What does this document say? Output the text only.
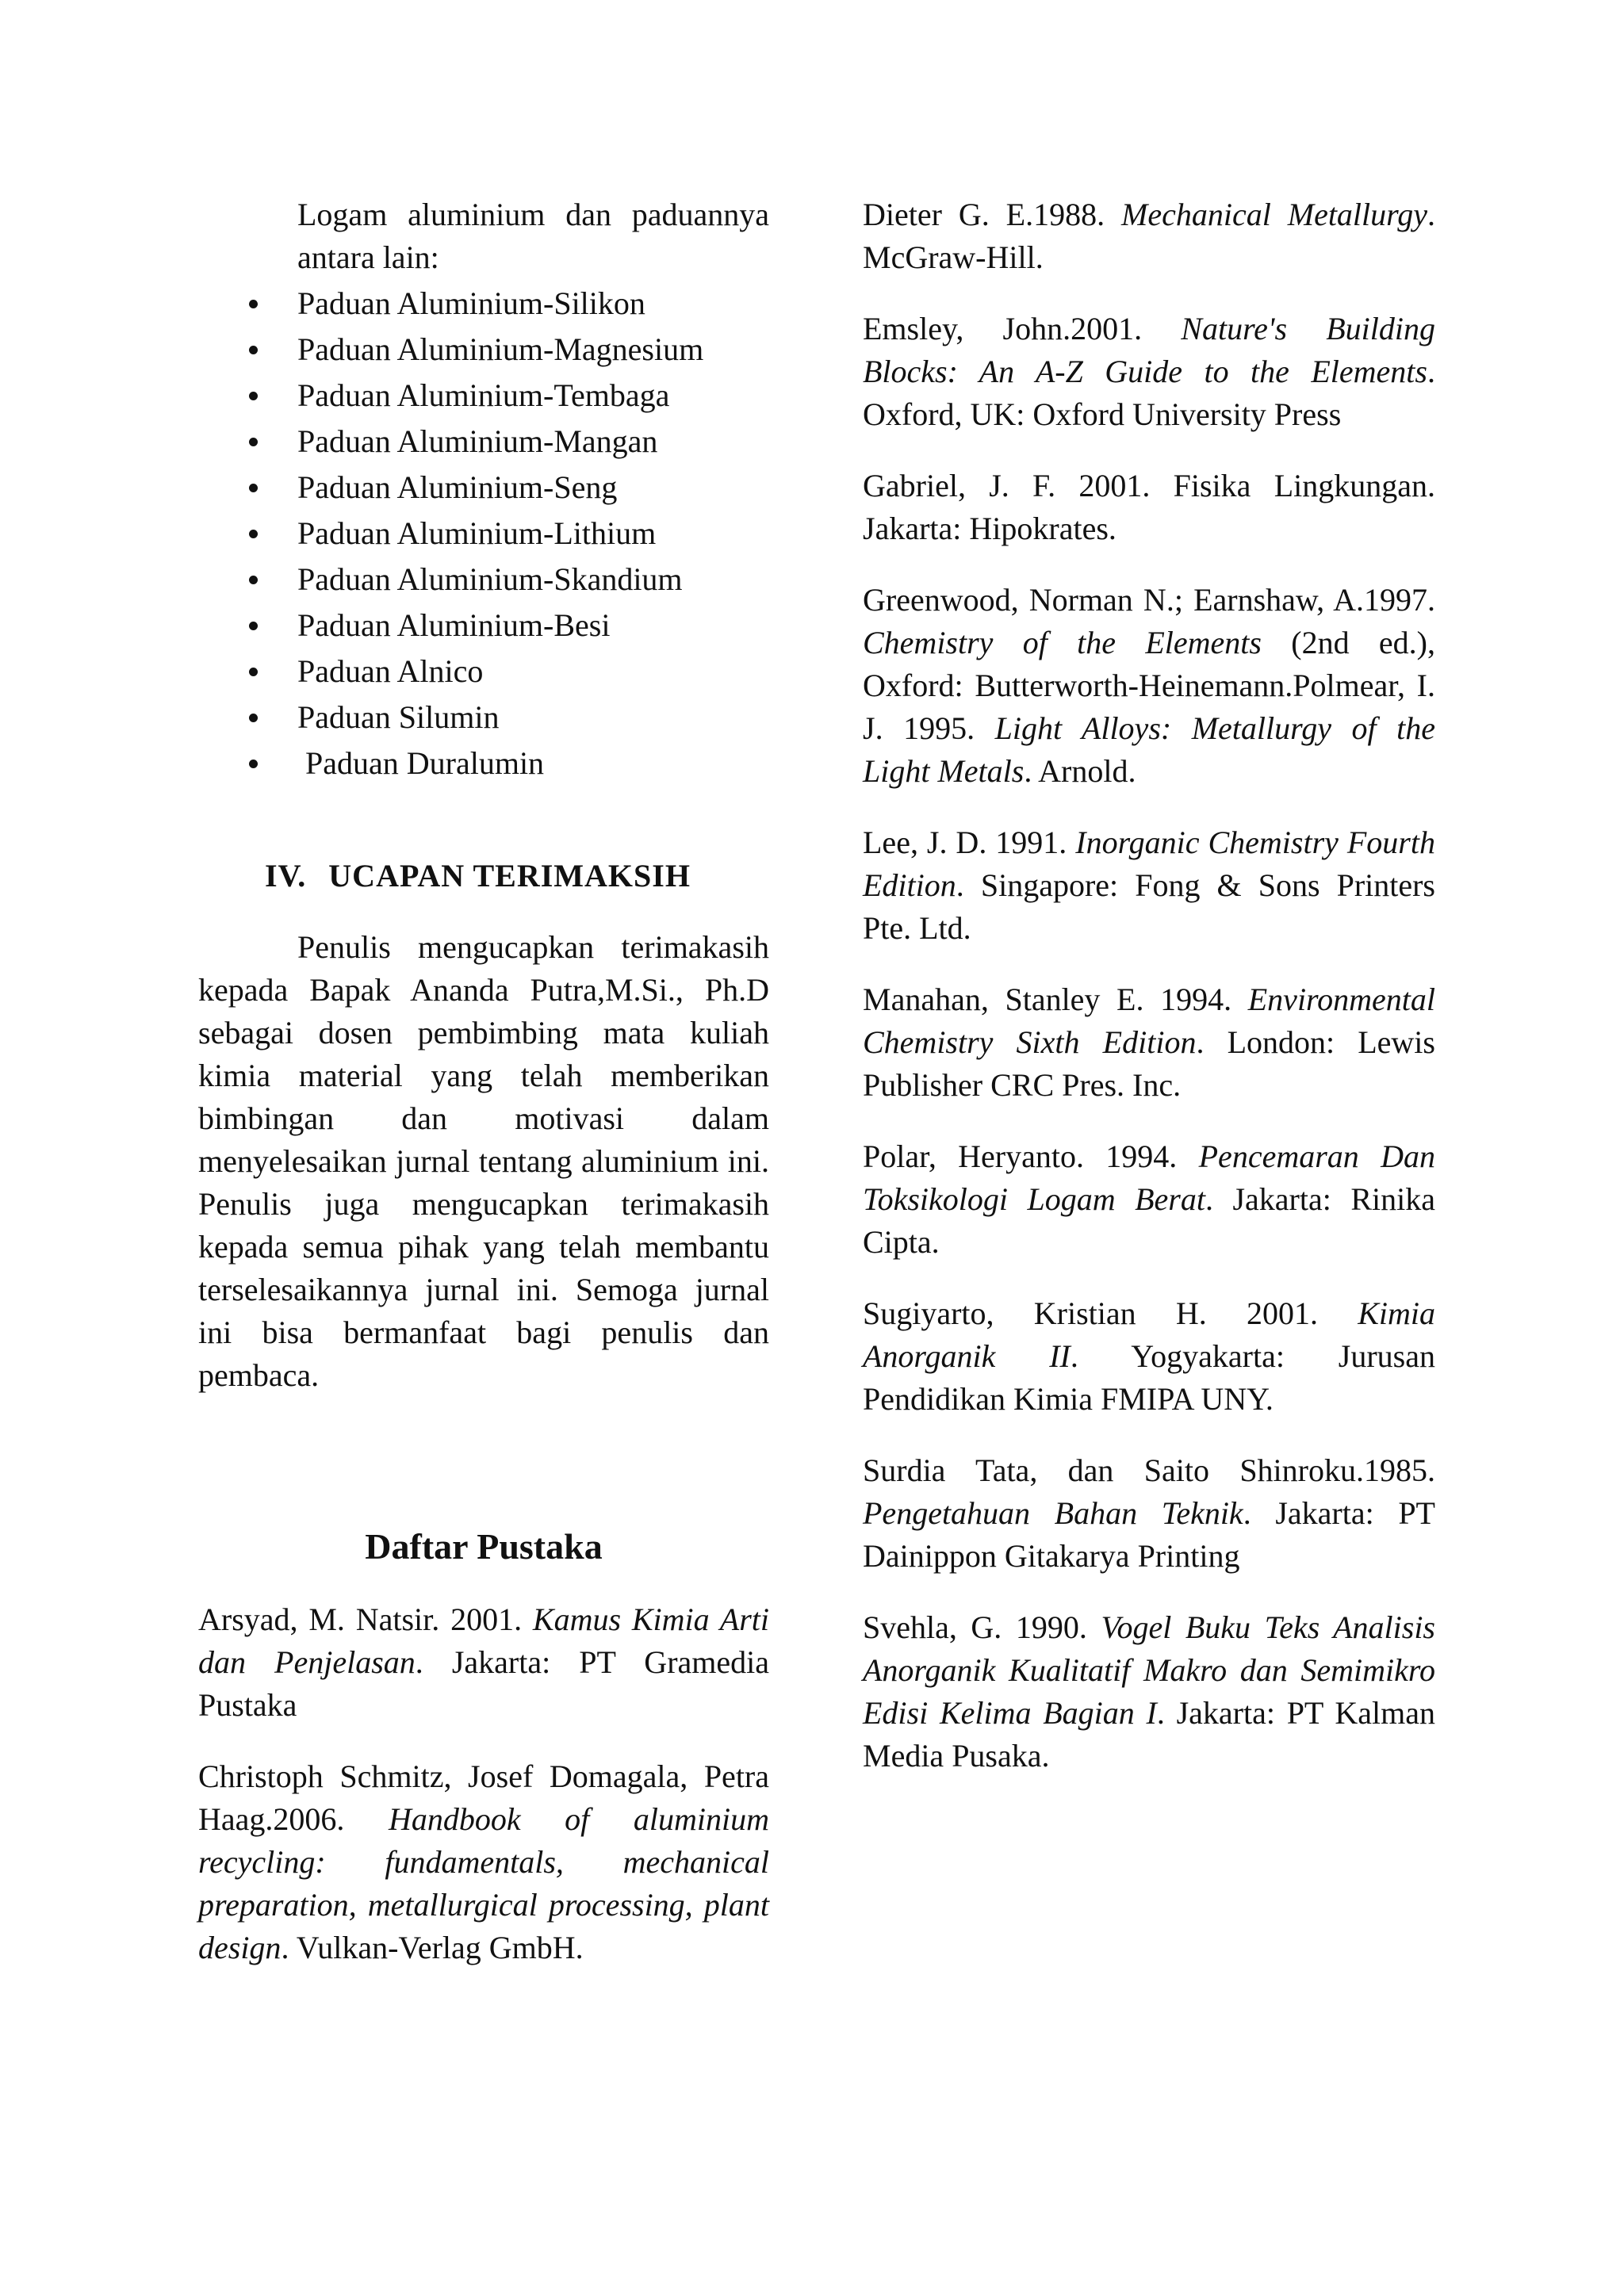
Logam aluminium dan paduannya antara lain:
Paduan Aluminium-Silikon
Paduan Aluminium-Magnesium
Paduan Aluminium-Tembaga
Paduan Aluminium-Mangan
Paduan Aluminium-Seng
Paduan Aluminium-Lithium
Paduan Aluminium-Skandium
Paduan Aluminium-Besi
Paduan Alnico
Paduan Silumin
Paduan Duralumin
IV. UCAPAN TERIMAKSIH
Penulis mengucapkan terimakasih kepada Bapak Ananda Putra,M.Si., Ph.D sebagai dosen pembimbing mata kuliah kimia material yang telah memberikan bimbingan dan motivasi dalam menyelesaikan jurnal tentang aluminium ini. Penulis juga mengucapkan terimakasih kepada semua pihak yang telah membantu terselesaikannya jurnal ini. Semoga jurnal ini bisa bermanfaat bagi penulis dan pembaca.
Daftar Pustaka

Arsyad, M. Natsir. 2001. Kamus Kimia Arti dan Penjelasan. Jakarta: PT Gramedia Pustaka

Christoph Schmitz, Josef Domagala, Petra Haag.2006. Handbook of aluminium recycling: fundamentals, mechanical preparation, metallurgical processing, plant design. Vulkan-Verlag GmbH.

Dieter G. E.1988. Mechanical Metallurgy. McGraw-Hill.

Emsley, John.2001. Nature's Building Blocks: An A-Z Guide to the Elements. Oxford, UK: Oxford University Press

Gabriel, J. F. 2001. Fisika Lingkungan. Jakarta: Hipokrates.

Greenwood, Norman N.; Earnshaw, A.1997. Chemistry of the Elements (2nd ed.), Oxford: Butterworth-Heinemann.Polmear, I. J. 1995. Light Alloys: Metallurgy of the Light Metals. Arnold.

Lee, J. D. 1991. Inorganic Chemistry Fourth Edition. Singapore: Fong & Sons Printers Pte. Ltd.

Manahan, Stanley E. 1994. Environmental Chemistry Sixth Edition. London: Lewis Publisher CRC Pres. Inc.

Polar, Heryanto. 1994. Pencemaran Dan Toksikologi Logam Berat. Jakarta: Rinika Cipta.

Sugiyarto, Kristian H. 2001. Kimia Anorganik II. Yogyakarta: Jurusan Pendidikan Kimia FMIPA UNY.

Surdia Tata, dan Saito Shinroku.1985. Pengetahuan Bahan Teknik. Jakarta: PT Dainippon Gitakarya Printing

Svehla, G. 1990. Vogel Buku Teks Analisis Anorganik Kualitatif Makro dan Semimikro Edisi Kelima Bagian I. Jakarta: PT Kalman Media Pusaka.
